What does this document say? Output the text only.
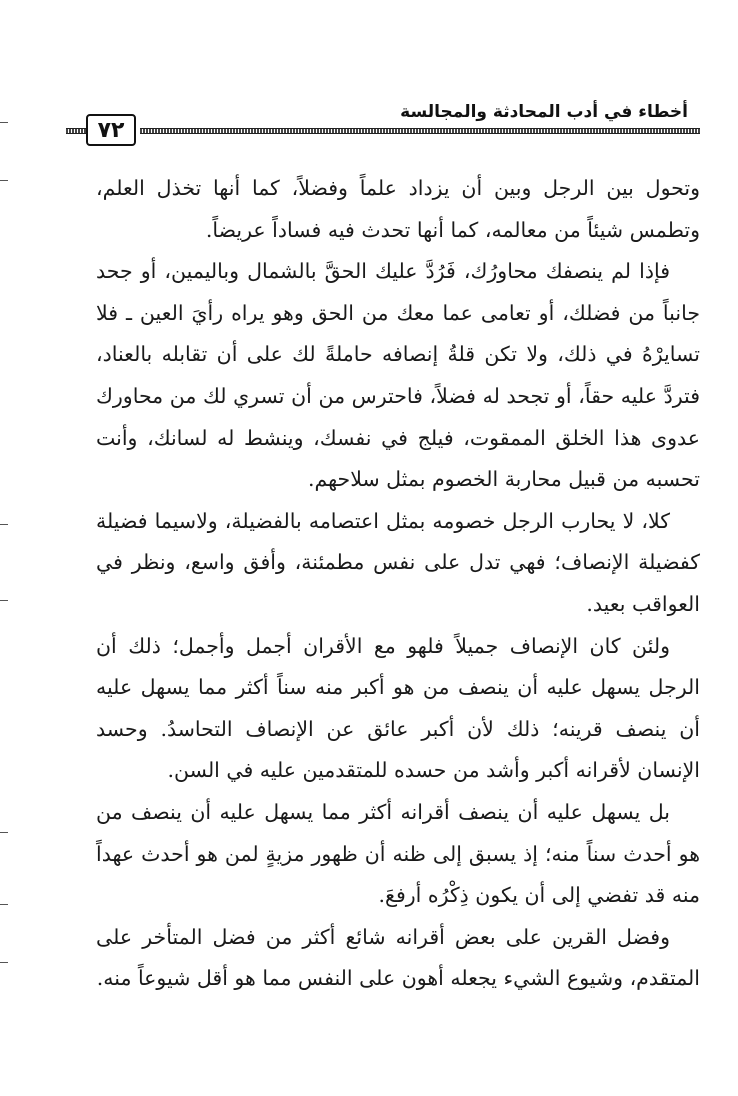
أخطاء في أدب المحادثة والمجالسة
٧٢

وتحول بين الرجل وبين أن يزداد علماً وفضلاً، كما أنها تخذل العلم، وتطمس شيئاً من معالمه، كما أنها تحدث فيه فساداً عريضاً.

فإذا لم ينصفك محاورُك، فَرُدَّ عليك الحقَّ بالشمال وباليمين، أو جحد جانباً من فضلك، أو تعامى عما معك من الحق وهو يراه رأيَ العين ـ فلا تسايرْهُ في ذلك، ولا تكن قلةُ إنصافه حاملةً لك على أن تقابله بالعناد، فتردَّ عليه حقاً، أو تجحد له فضلاً، فاحترس من أن تسري لك من محاورك عدوى هذا الخلق الممقوت، فيلج في نفسك، وينشط له لسانك، وأنت تحسبه من قبيل محاربة الخصوم بمثل سلاحهم.

كلا، لا يحارب الرجل خصومه بمثل اعتصامه بالفضيلة، ولاسيما فضيلة كفضيلة الإنصاف؛ فهي تدل على نفس مطمئنة، وأفق واسع، ونظر في العواقب بعيد.

ولئن كان الإنصاف جميلاً فلهو مع الأقران أجمل وأجمل؛ ذلك أن الرجل يسهل عليه أن ينصف من هو أكبر منه سناً أكثر مما يسهل عليه أن ينصف قرينه؛ ذلك لأن أكبر عائق عن الإنصاف التحاسدُ. وحسد الإنسان لأقرانه أكبر وأشد من حسده للمتقدمين عليه في السن.

بل يسهل عليه أن ينصف أقرانه أكثر مما يسهل عليه أن ينصف من هو أحدث سناً منه؛ إذ يسبق إلى ظنه أن ظهور مزيةٍ لمن هو أحدث عهداً منه قد تفضي إلى أن يكون ذِكْرُه أرفعَ.

وفضل القرين على بعض أقرانه شائع أكثر من فضل المتأخر على المتقدم، وشيوع الشيء يجعله أهون على النفس مما هو أقل شيوعاً منه.
